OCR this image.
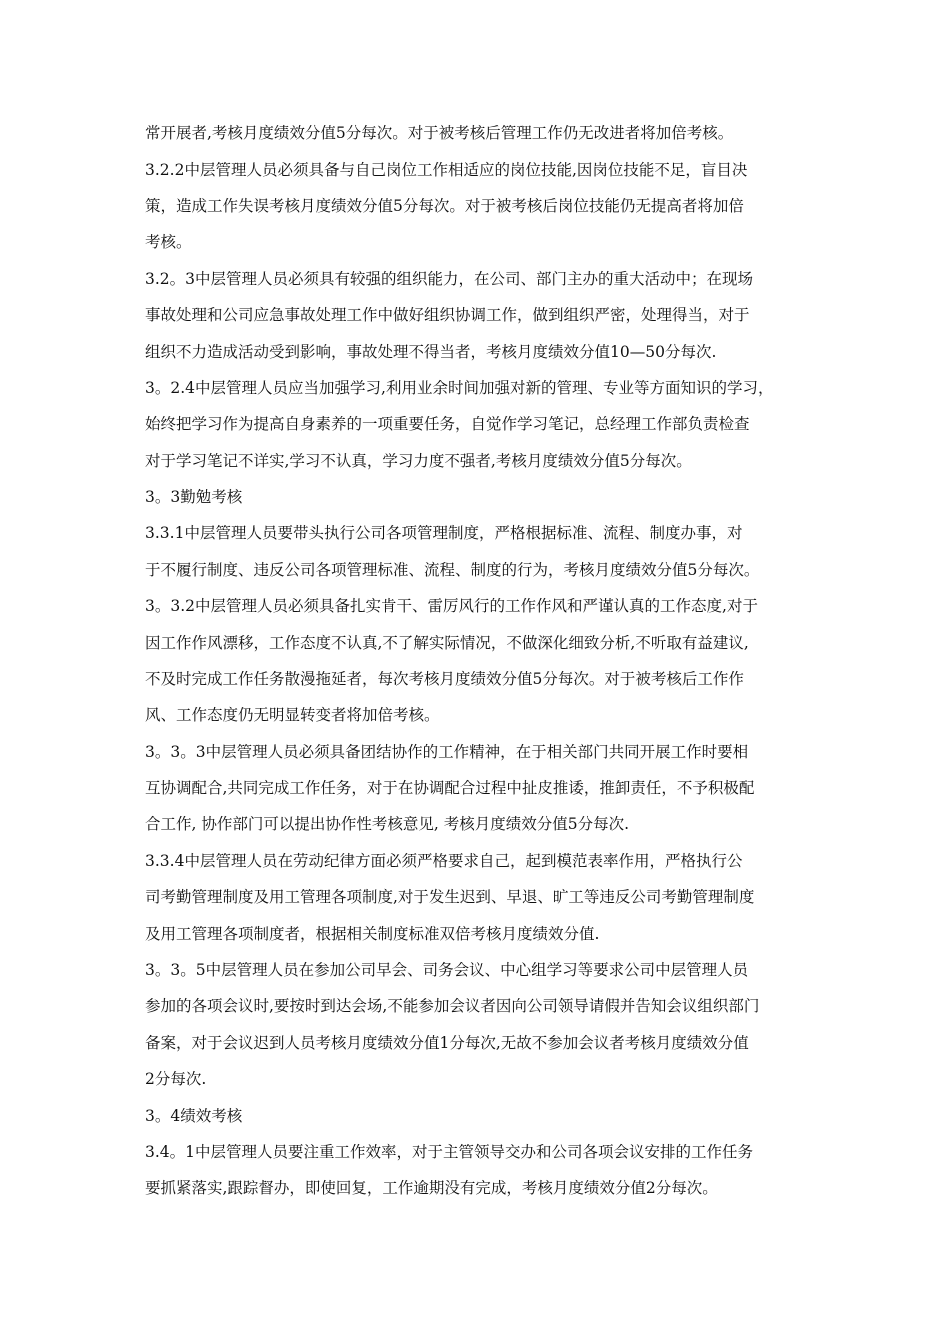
常开展者,考核月度绩效分值5分每次。对于被考核后管理工作仍无改进者将加倍考核。
3.2.2中层管理人员必须具备与自己岗位工作相适应的岗位技能,因岗位技能不足，盲目决
策，造成工作失误考核月度绩效分值5分每次。对于被考核后岗位技能仍无提高者将加倍
考核。
3.2。3中层管理人员必须具有较强的组织能力，在公司、部门主办的重大活动中；在现场
事故处理和公司应急事故处理工作中做好组织协调工作，做到组织严密，处理得当，对于
组织不力造成活动受到影响，事故处理不得当者，考核月度绩效分值10—50分每次.
3。2.4中层管理人员应当加强学习,利用业余时间加强对新的管理、专业等方面知识的学习，
始终把学习作为提高自身素养的一项重要任务，自觉作学习笔记，总经理工作部负责检查
对于学习笔记不详实,学习不认真，学习力度不强者,考核月度绩效分值5分每次。
3。3勤勉考核
3.3.1中层管理人员要带头执行公司各项管理制度，严格根据标准、流程、制度办事，对
于不履行制度、违反公司各项管理标准、流程、制度的行为，考核月度绩效分值5分每次。
3。3.2中层管理人员必须具备扎实肯干、雷厉风行的工作作风和严谨认真的工作态度,对于
因工作作风漂移，工作态度不认真,不了解实际情况，不做深化细致分析,不听取有益建议,
不及时完成工作任务散漫拖延者，每次考核月度绩效分值5分每次。对于被考核后工作作
风、工作态度仍无明显转变者将加倍考核。
3。3。3中层管理人员必须具备团结协作的工作精神，在于相关部门共同开展工作时要相
互协调配合,共同完成工作任务，对于在协调配合过程中扯皮推诿，推卸责任，不予积极配
合工作, 协作部门可以提出协作性考核意见, 考核月度绩效分值5分每次.
3.3.4中层管理人员在劳动纪律方面必须严格要求自己，起到模范表率作用，严格执行公
司考勤管理制度及用工管理各项制度,对于发生迟到、早退、旷工等违反公司考勤管理制度
及用工管理各项制度者，根据相关制度标准双倍考核月度绩效分值.
3。3。5中层管理人员在参加公司早会、司务会议、中心组学习等要求公司中层管理人员
参加的各项会议时,要按时到达会场,不能参加会议者因向公司领导请假并告知会议组织部门
备案，对于会议迟到人员考核月度绩效分值1分每次,无故不参加会议者考核月度绩效分值
2分每次.
3。4绩效考核
3.4。1中层管理人员要注重工作效率，对于主管领导交办和公司各项会议安排的工作任务
要抓紧落实,跟踪督办，即使回复，工作逾期没有完成，考核月度绩效分值2分每次。
